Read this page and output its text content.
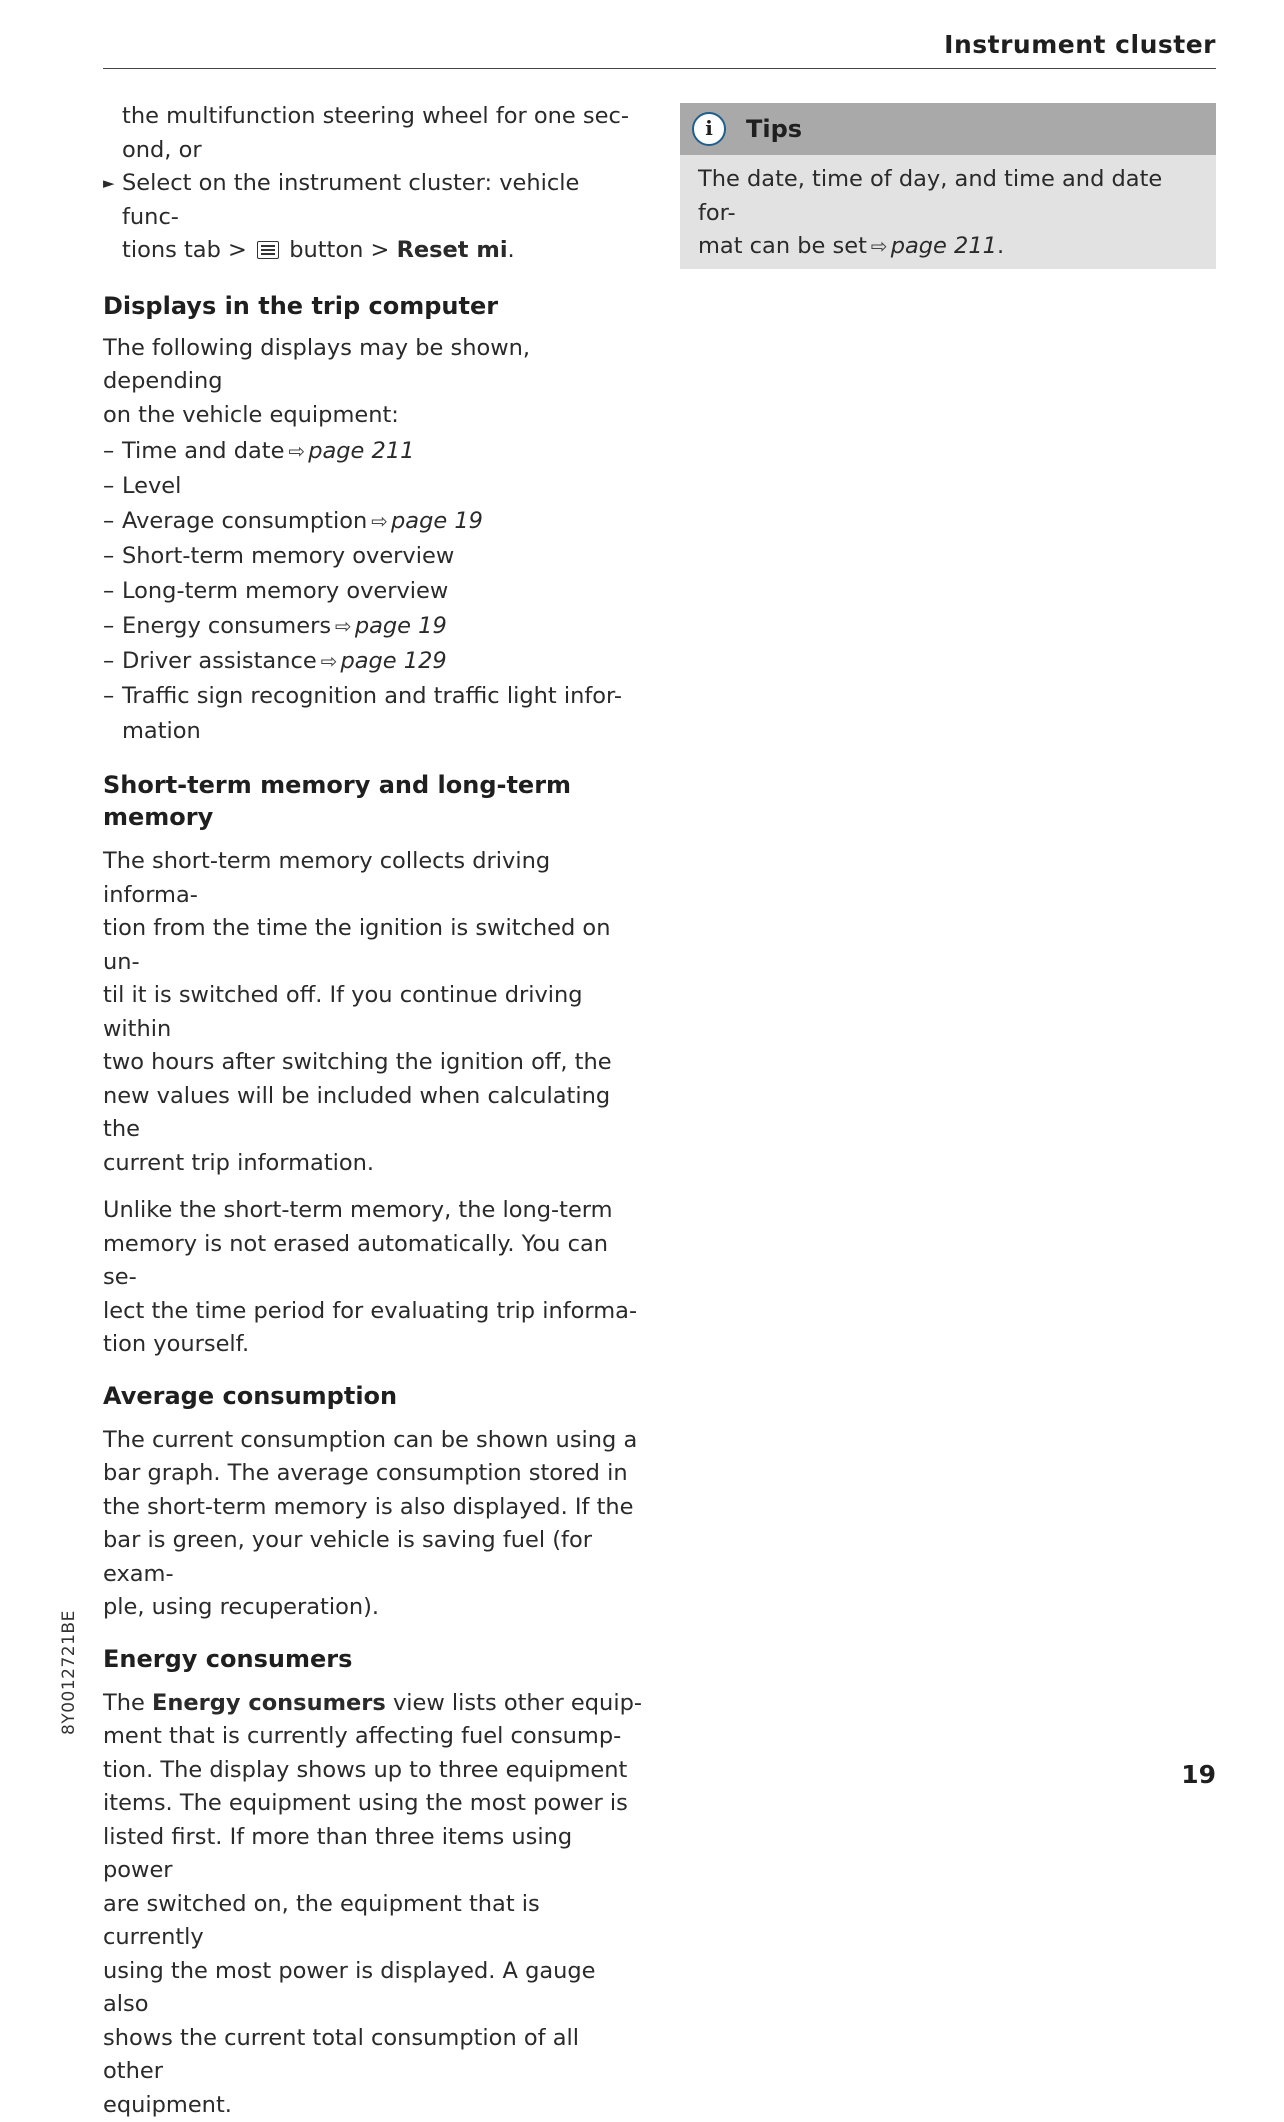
Instrument cluster

the multifunction steering wheel for one sec-

ond, or

► Select on the instrument cluster: vehicle func-
tions tab > button > Reset mi.

Displays in the trip computer

The following displays may be shown, depending

on the vehicle equipment:

– Time and date ⇨ page 211
– Level
– Average consumption ⇨ page 19
– Short-term memory overview
– Long-term memory overview
– Energy consumers ⇨ page 19
– Driver assistance ⇨ page 129
– Traffic sign recognition and traffic light infor-
mation
Short-term memory and long-term memory

The short-term memory collects driving informa-

tion from the time the ignition is switched on un-

til it is switched off. If you continue driving within

two hours after switching the ignition off, the

new values will be included when calculating the

current trip information.

Unlike the short-term memory, the long-term

memory is not erased automatically. You can se-

lect the time period for evaluating trip informa-

tion yourself.

Average consumption

The current consumption can be shown using a

bar graph. The average consumption stored in

the short-term memory is also displayed. If the

bar is green, your vehicle is saving fuel (for exam-

ple, using recuperation).

Energy consumers

The Energy consumers view lists other equip-

ment that is currently affecting fuel consump-

tion. The display shows up to three equipment

items. The equipment using the most power is

listed first. If more than three items using power

are switched on, the equipment that is currently

using the most power is displayed. A gauge also

shows the current total consumption of all other

equipment.

i	Tips

The date, time of day, and time and date for-

mat can be set ⇨ page 211.

8Y0012721BE
19
